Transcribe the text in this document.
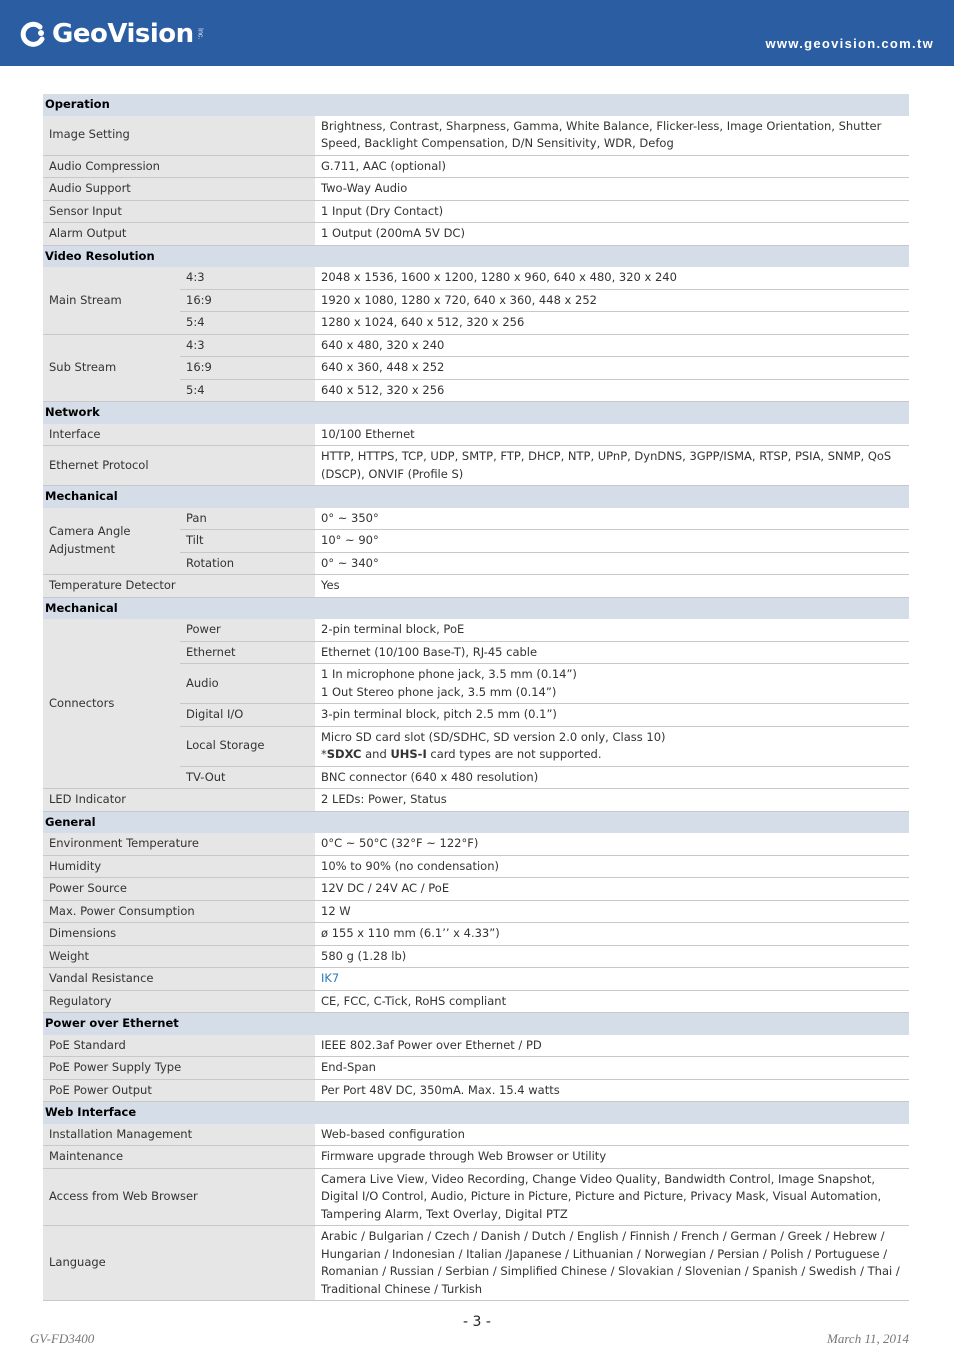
GeoVision Inc.
www.geovision.com.tw
Operation		
Image Setting		Brightness, Contrast, Sharpness, Gamma, White Balance, Flicker-less, Image Orientation, Shutter Speed, Backlight Compensation, D/N Sensitivity, WDR, Defog
Audio Compression		G.711, AAC (optional)
Audio Support		Two-Way Audio
Sensor Input		1 Input (Dry Contact)
Alarm Output		1 Output (200mA 5V DC)
Video Resolution		
Main Stream	4:3	2048 x 1536, 1600 x 1200, 1280 x 960, 640 x 480, 320 x 240
	16:9	1920 x 1080, 1280 x 720, 640 x 360, 448 x 252
	5:4	1280 x 1024, 640 x 512, 320 x 256
Sub Stream	4:3	640 x 480, 320 x 240
	16:9	640 x 360, 448 x 252
	5:4	640 x 512, 320 x 256
Network		
Interface		10/100 Ethernet
Ethernet Protocol		HTTP, HTTPS, TCP, UDP, SMTP, FTP, DHCP, NTP, UPnP, DynDNS, 3GPP/ISMA, RTSP, PSIA, SNMP, QoS (DSCP), ONVIF (Profile S)
Mechanical		
Camera Angle Adjustment	Pan	0° ~ 350°
	Tilt	10° ~ 90°
	Rotation	0° ~ 340°
Temperature Detector		Yes
Mechanical		
Connectors	Power	2-pin terminal block, PoE
	Ethernet	Ethernet (10/100 Base-T), RJ-45 cable
	Audio	1 In microphone phone jack, 3.5 mm (0.14”)
1 Out Stereo phone jack, 3.5 mm (0.14”)

	Digital I/O	3-pin terminal block, pitch 2.5 mm (0.1”)
	Local Storage	Micro SD card slot (SD/SDHC, SD version 2.0 only, Class 10)
*SDXC and UHS-I card types are not supported.

	TV-Out	BNC connector (640 x 480 resolution)
LED Indicator		2 LEDs: Power, Status
General		
Environment Temperature		0°C ~ 50°C (32°F ~ 122°F)
Humidity		10% to 90% (no condensation)
Power Source		12V DC / 24V AC / PoE
Max. Power Consumption		12 W
Dimensions		ø 155 x 110 mm (6.1’’ x 4.33”)
Weight		580 g (1.28 lb)
Vandal Resistance		IK7
Regulatory		CE, FCC, C-Tick, RoHS compliant
Power over Ethernet		
PoE Standard		IEEE 802.3af Power over Ethernet / PD
PoE Power Supply Type		End-Span
PoE Power Output		Per Port 48V DC, 350mA. Max. 15.4 watts
Web Interface		
Installation Management		Web-based configuration
Maintenance		Firmware upgrade through Web Browser or Utility
Access from Web Browser		Camera Live View, Video Recording, Change Video Quality, Bandwidth Control, Image Snapshot, Digital I/O Control, Audio, Picture in Picture, Picture and Picture, Privacy Mask, Visual Automation, Tampering Alarm, Text Overlay, Digital PTZ
Language		Arabic / Bulgarian / Czech / Danish / Dutch / English / Finnish / French / German / Greek / Hebrew / Hungarian / Indonesian / Italian /Japanese / Lithuanian / Norwegian / Persian / Polish / Portuguese / Romanian / Russian / Serbian / Simplified Chinese / Slovakian / Slovenian / Spanish / Swedish / Thai / Traditional Chinese / Turkish
- 3 -
GV-FD3400	March 11, 2014
